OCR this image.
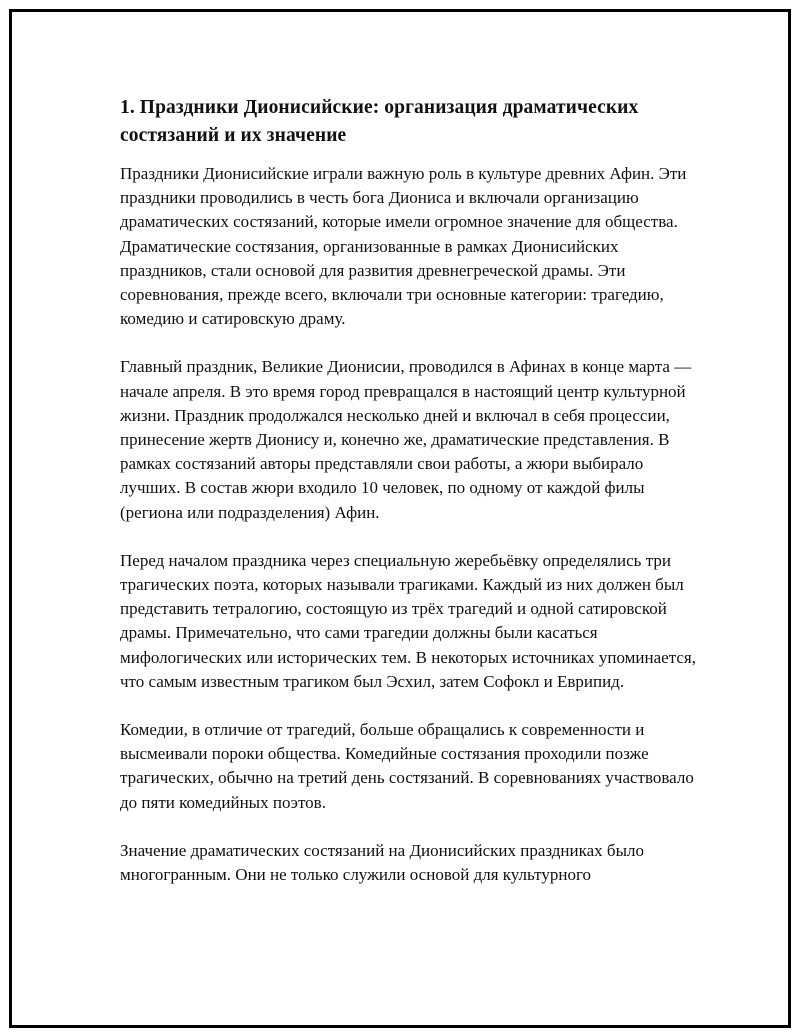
1. Праздники Дионисийские: организация драматических состязаний и их значение

Праздники Дионисийские играли важную роль в культуре древних Афин. Эти праздники проводились в честь бога Диониса и включали организацию драматических состязаний, которые имели огромное значение для общества. Драматические состязания, организованные в рамках Дионисийских праздников, стали основой для развития древнегреческой драмы. Эти соревнования, прежде всего, включали три основные категории: трагедию, комедию и сатировскую драму.

Главный праздник, Великие Дионисии, проводился в Афинах в конце марта — начале апреля. В это время город превращался в настоящий центр культурной жизни. Праздник продолжался несколько дней и включал в себя процессии, принесение жертв Дионису и, конечно же, драматические представления. В рамках состязаний авторы представляли свои работы, а жюри выбирало лучших. В состав жюри входило 10 человек, по одному от каждой филы (региона или подразделения) Афин.

Перед началом праздника через специальную жеребьёвку определялись три трагических поэта, которых называли трагиками. Каждый из них должен был представить тетралогию, состоящую из трёх трагедий и одной сатировской драмы. Примечательно, что сами трагедии должны были касаться мифологических или исторических тем. В некоторых источниках упоминается, что самым известным трагиком был Эсхил, затем Софокл и Еврипид.

Комедии, в отличие от трагедий, больше обращались к современности и высмеивали пороки общества. Комедийные состязания проходили позже трагических, обычно на третий день состязаний. В соревнованиях участвовало до пяти комедийных поэтов.

Значение драматических состязаний на Дионисийских праздниках было многогранным. Они не только служили основой для культурного
